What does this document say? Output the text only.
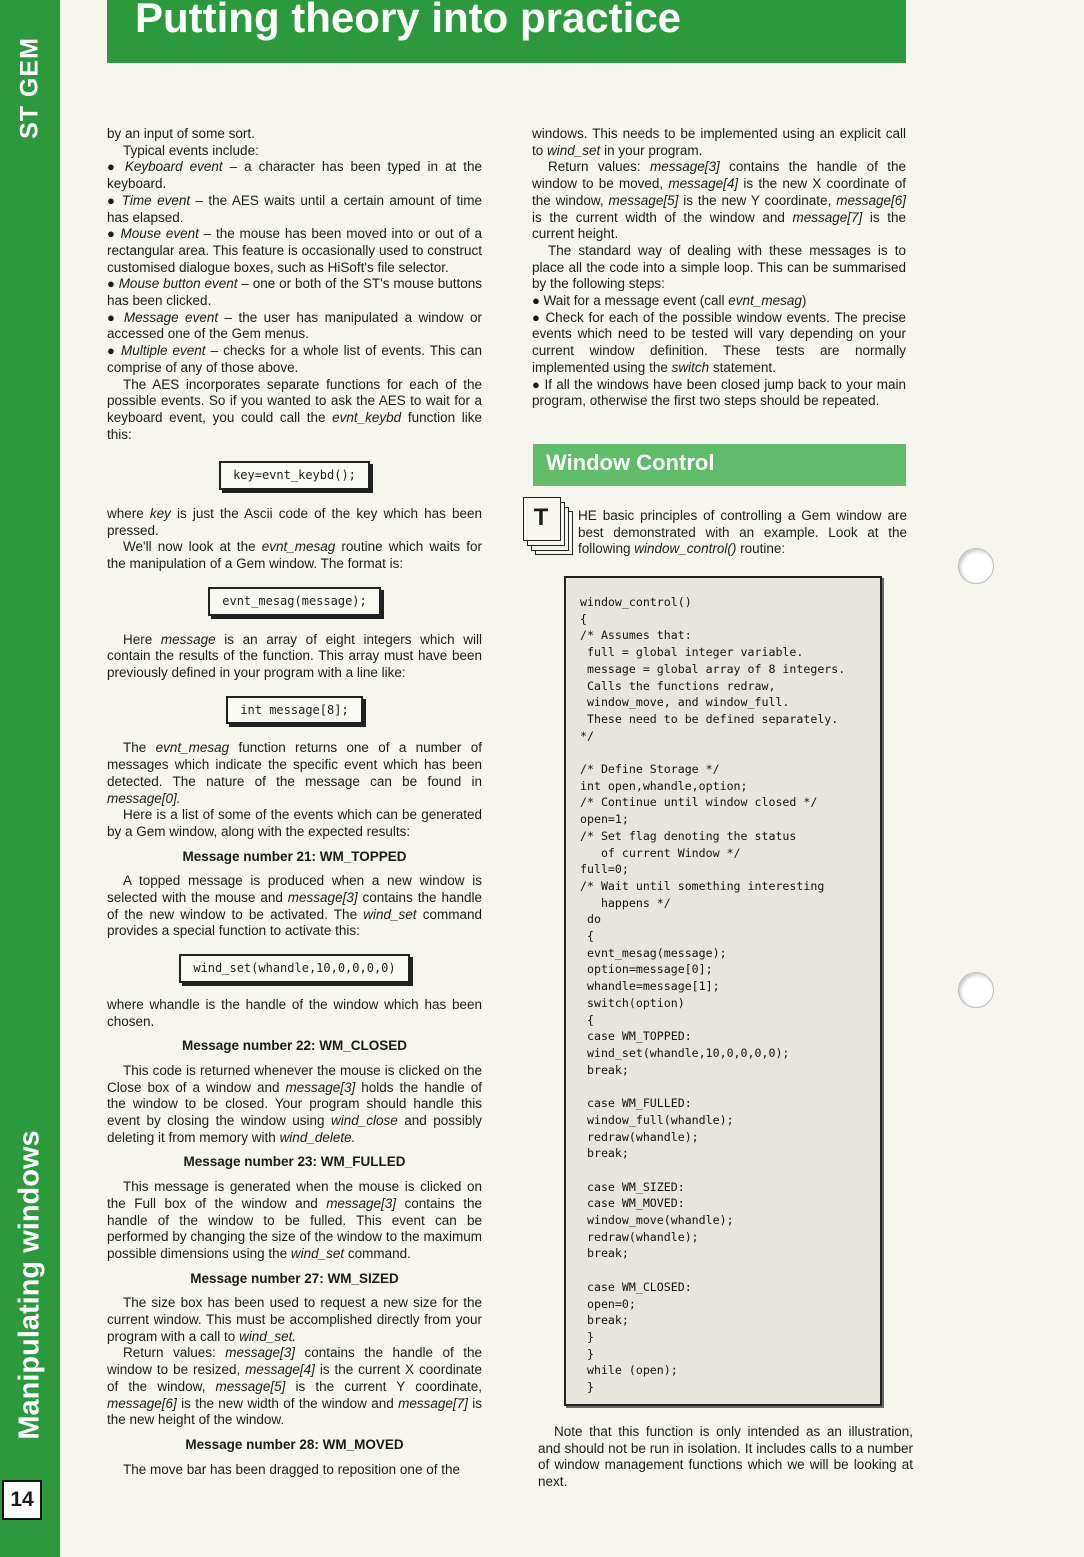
ST GEM
Manipulating windows
14
Putting theory into practice

by an input of some sort.

Typical events include:

● Keyboard event – a character has been typed in at the keyboard.

● Time event – the AES waits until a certain amount of time has elapsed.

● Mouse event – the mouse has been moved into or out of a rectangular area. This feature is occasionally used to construct customised dialogue boxes, such as HiSoft's file selector.

● Mouse button event – one or both of the ST's mouse buttons has been clicked.

● Message event – the user has manipulated a window or accessed one of the Gem menus.

● Multiple event – checks for a whole list of events. This can comprise of any of those above.

The AES incorporates separate functions for each of the possible events. So if you wanted to ask the AES to wait for a keyboard event, you could call the evnt_keybd function like this:

key=evnt_keybd();

where key is just the Ascii code of the key which has been pressed.

We'll now look at the evnt_mesag routine which waits for the manipulation of a Gem window. The format is:

evnt_mesag(message);

Here message is an array of eight integers which will contain the results of the function. This array must have been previously defined in your program with a line like:

int message[8];

The evnt_mesag function returns one of a number of messages which indicate the specific event which has been detected. The nature of the message can be found in message[0].

Here is a list of some of the events which can be generated by a Gem window, along with the expected results:

Message number 21: WM_TOPPED

A topped message is produced when a new window is selected with the mouse and message[3] contains the handle of the new window to be activated. The wind_set command provides a special function to activate this:

wind_set(whandle,10,0,0,0,0)

where whandle is the handle of the window which has been chosen.

Message number 22: WM_CLOSED

This code is returned whenever the mouse is clicked on the Close box of a window and message[3] holds the handle of the window to be closed. Your program should handle this event by closing the window using wind_close and possibly deleting it from memory with wind_delete.

Message number 23: WM_FULLED

This message is generated when the mouse is clicked on the Full box of the window and message[3] contains the handle of the window to be fulled. This event can be performed by changing the size of the window to the maximum possible dimensions using the wind_set command.

Message number 27: WM_SIZED

The size box has been used to request a new size for the current window. This must be accomplished directly from your program with a call to wind_set.

Return values: message[3] contains the handle of the window to be resized, message[4] is the current X coordinate of the window, message[5] is the current Y coordinate, message[6] is the new width of the window and message[7] is the new height of the window.

Message number 28: WM_MOVED

The move bar has been dragged to reposition one of the

windows. This needs to be implemented using an explicit call to wind_set in your program.

Return values: message[3] contains the handle of the window to be moved, message[4] is the new X coordinate of the window, message[5] is the new Y coordinate, message[6] is the current width of the window and message[7] is the current height.

The standard way of dealing with these messages is to place all the code into a simple loop. This can be summarised by the following steps:

● Wait for a message event (call evnt_mesag)

● Check for each of the possible window events. The precise events which need to be tested will vary depending on your current window definition. These tests are normally implemented using the switch statement.

● If all the windows have been closed jump back to your main program, otherwise the first two steps should be repeated.

Window Control
T	HE basic principles of controlling a Gem window are best demonstrated with an example. Look at the following window_control() routine:

window_control()
{
/* Assumes that:
full = global integer variable.
message = global array of 8 integers.
Calls the functions redraw,
window_move, and window_full.
These need to be defined separately.
*/

/* Define Storage */
int open,whandle,option;
/* Continue until window closed */
open=1;
/* Set flag denoting the status
of current Window */
full=0;
/* Wait until something interesting
happens */
do
{
evnt_mesag(message);
option=message[0];
whandle=message[1];
switch(option)
{
case WM_TOPPED:
wind_set(whandle,10,0,0,0,0);
break;

case WM_FULLED:
window_full(whandle);
redraw(whandle);
break;

case WM_SIZED:
case WM_MOVED:
window_move(whandle);
redraw(whandle);
break;

case WM_CLOSED:
open=0;
break;
}
}
while (open);
}

Note that this function is only intended as an illustration, and should not be run in isolation. It includes calls to a number of window management functions which we will be looking at next.
